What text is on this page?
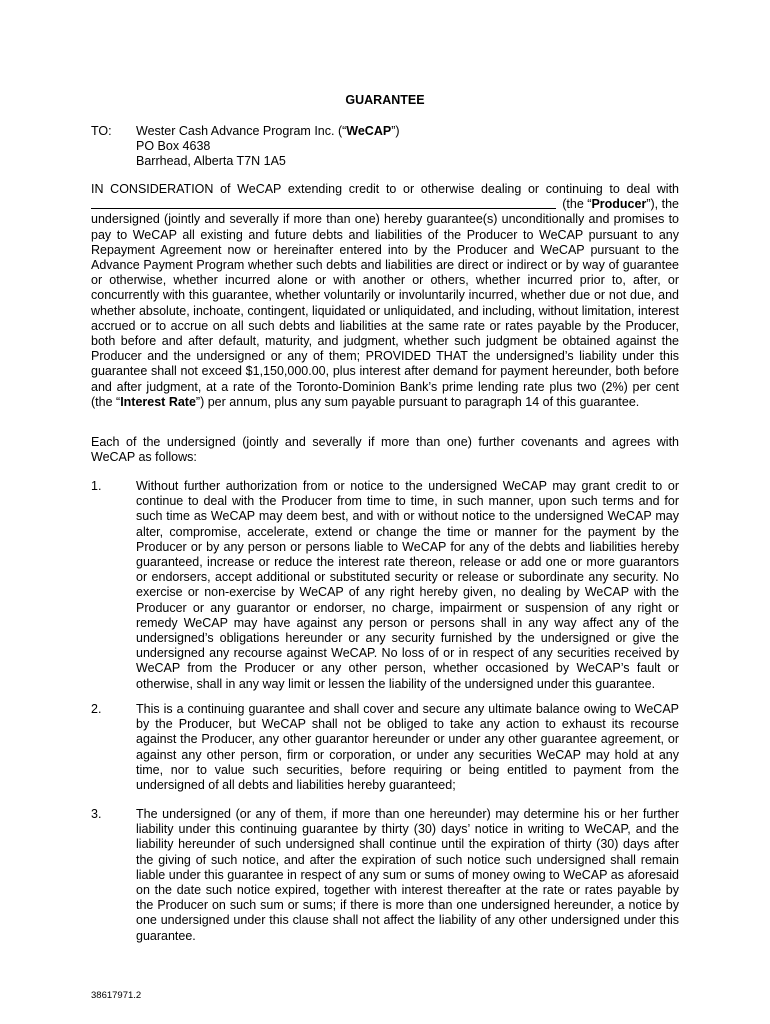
GUARANTEE
TO: Wester Cash Advance Program Inc. (“WeCAP”)
PO Box 4638
Barrhead, Alberta T7N 1A5
IN CONSIDERATION of WeCAP extending credit to or otherwise dealing or continuing to deal with
(the “Producer”), the
undersigned (jointly and severally if more than one) hereby guarantee(s) unconditionally and promises to pay to WeCAP all existing and future debts and liabilities of the Producer to WeCAP pursuant to any Repayment Agreement now or hereinafter entered into by the Producer and WeCAP pursuant to the Advance Payment Program whether such debts and liabilities are direct or indirect or by way of guarantee or otherwise, whether incurred alone or with another or others, whether incurred prior to, after, or concurrently with this guarantee, whether voluntarily or involuntarily incurred, whether due or not due, and whether absolute, inchoate, contingent, liquidated or unliquidated, and including, without limitation, interest accrued or to accrue on all such debts and liabilities at the same rate or rates payable by the Producer, both before and after default, maturity, and judgment, whether such judgment be obtained against the Producer and the undersigned or any of them; PROVIDED THAT the undersigned’s liability under this guarantee shall not exceed $1,150,000.00, plus interest after demand for payment hereunder, both before and after judgment, at a rate of the Toronto-Dominion Bank’s prime lending rate plus two (2%) per cent (the “Interest Rate”) per annum, plus any sum payable pursuant to paragraph 14 of this guarantee.
Each of the undersigned (jointly and severally if more than one) further covenants and agrees with WeCAP as follows:
1.	Without further authorization from or notice to the undersigned WeCAP may grant credit to or continue to deal with the Producer from time to time, in such manner, upon such terms and for such time as WeCAP may deem best, and with or without notice to the undersigned WeCAP may alter, compromise, accelerate, extend or change the time or manner for the payment by the Producer or by any person or persons liable to WeCAP for any of the debts and liabilities hereby guaranteed, increase or reduce the interest rate thereon, release or add one or more guarantors or endorsers, accept additional or substituted security or release or subordinate any security. No exercise or non-exercise by WeCAP of any right hereby given, no dealing by WeCAP with the Producer or any guarantor or endorser, no charge, impairment or suspension of any right or remedy WeCAP may have against any person or persons shall in any way affect any of the undersigned’s obligations hereunder or any security furnished by the undersigned or give the undersigned any recourse against WeCAP. No loss of or in respect of any securities received by WeCAP from the Producer or any other person, whether occasioned by WeCAP’s fault or otherwise, shall in any way limit or lessen the liability of the undersigned under this guarantee.
2.	This is a continuing guarantee and shall cover and secure any ultimate balance owing to WeCAP by the Producer, but WeCAP shall not be obliged to take any action to exhaust its recourse against the Producer, any other guarantor hereunder or under any other guarantee agreement, or against any other person, firm or corporation, or under any securities WeCAP may hold at any time, nor to value such securities, before requiring or being entitled to payment from the undersigned of all debts and liabilities hereby guaranteed;
3.	The undersigned (or any of them, if more than one hereunder) may determine his or her further liability under this continuing guarantee by thirty (30) days’ notice in writing to WeCAP, and the liability hereunder of such undersigned shall continue until the expiration of thirty (30) days after the giving of such notice, and after the expiration of such notice such undersigned shall remain liable under this guarantee in respect of any sum or sums of money owing to WeCAP as aforesaid on the date such notice expired, together with interest thereafter at the rate or rates payable by the Producer on such sum or sums; if there is more than one undersigned hereunder, a notice by one undersigned under this clause shall not affect the liability of any other undersigned under this guarantee.
38617971.2
